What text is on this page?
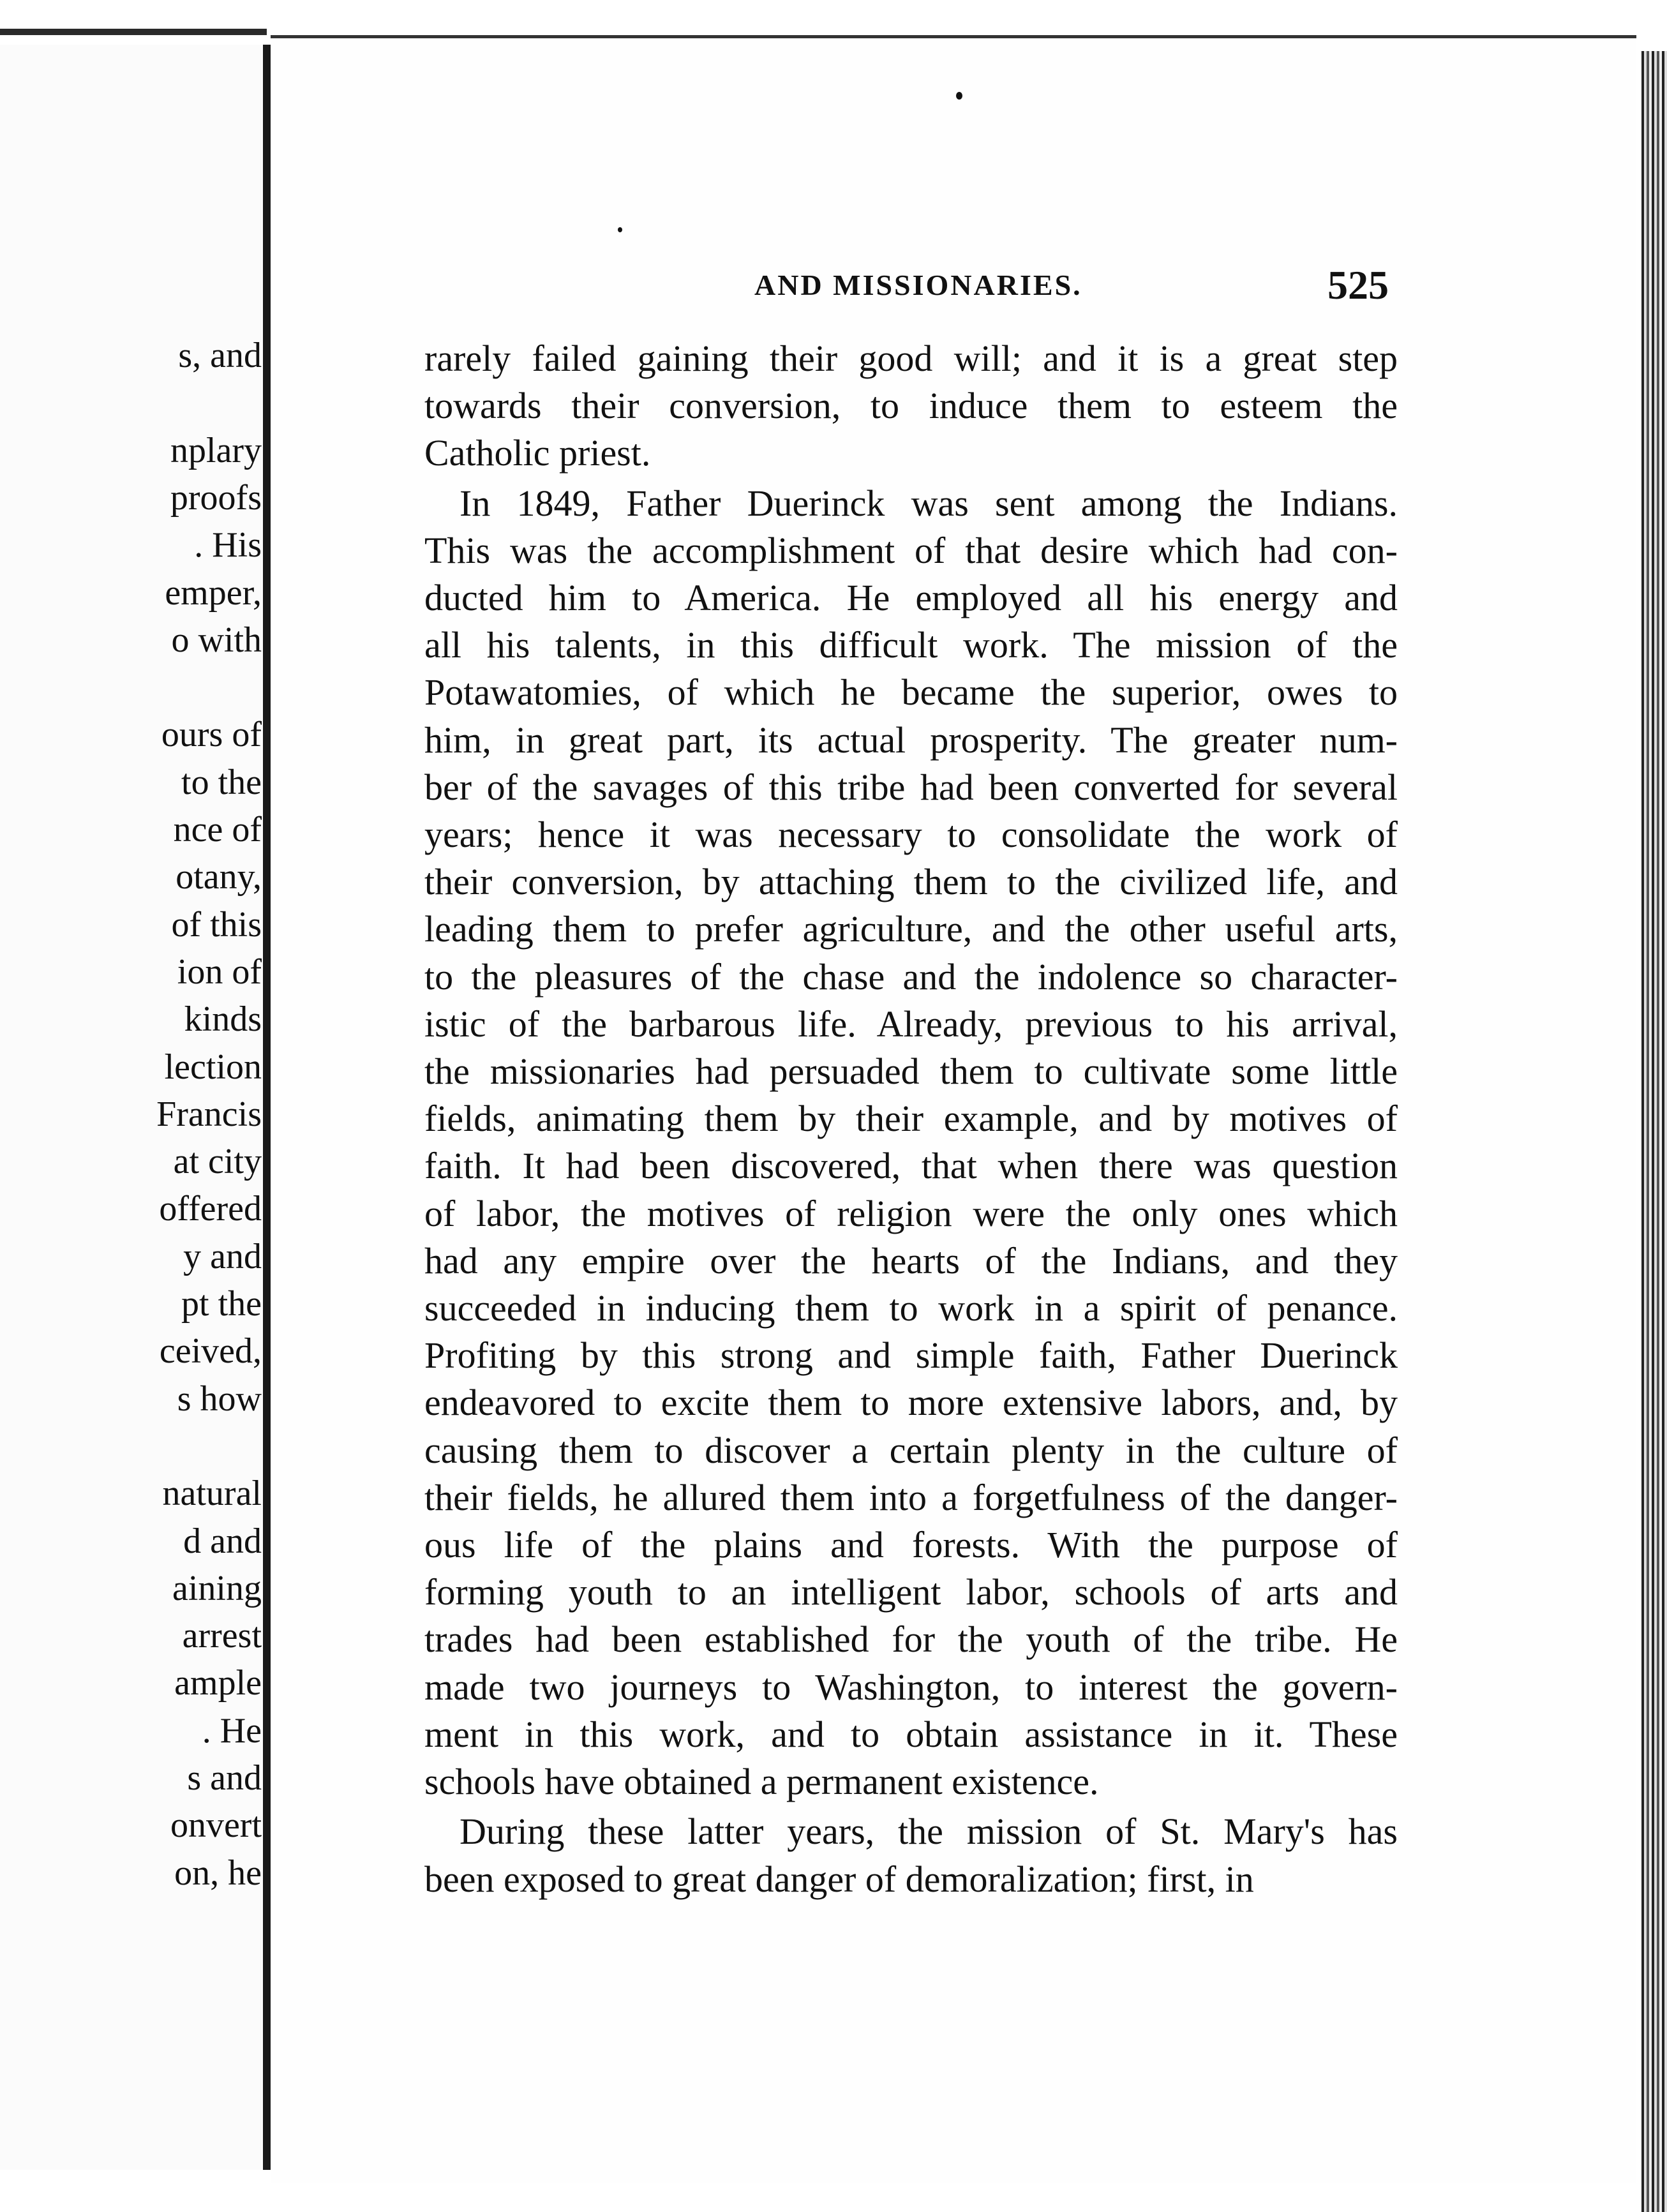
s, and
nplary
proofs
. His
emper,
o with
ours of
to the
nce of
otany,
of this
ion of
kinds
lection
Francis
at city
offered
y and
pt the
ceived,
s how
natural
d and
aining
arrest
ample
. He
s and
onvert
on, he
AND MISSIONARIES.	525

rarely failed gaining their good will; and it is a great step
towards their conversion, to induce them to esteem the
Catholic priest.

In 1849, Father Duerinck was sent among the Indians.
This was the accomplishment of that desire which had con-
ducted him to America. He employed all his energy and
all his talents, in this difficult work. The mission of the
Potawatomies, of which he became the superior, owes to
him, in great part, its actual prosperity. The greater num-
ber of the savages of this tribe had been converted for several
years; hence it was necessary to consolidate the work of
their conversion, by attaching them to the civilized life, and
leading them to prefer agriculture, and the other useful arts,
to the pleasures of the chase and the indolence so character-
istic of the barbarous life. Already, previous to his arrival,
the missionaries had persuaded them to cultivate some little
fields, animating them by their example, and by motives of
faith. It had been discovered, that when there was question
of labor, the motives of religion were the only ones which
had any empire over the hearts of the Indians, and they
succeeded in inducing them to work in a spirit of penance.
Profiting by this strong and simple faith, Father Duerinck
endeavored to excite them to more extensive labors, and, by
causing them to discover a certain plenty in the culture of
their fields, he allured them into a forgetfulness of the danger-
ous life of the plains and forests. With the purpose of
forming youth to an intelligent labor, schools of arts and
trades had been established for the youth of the tribe. He
made two journeys to Washington, to interest the govern-
ment in this work, and to obtain assistance in it. These
schools have obtained a permanent existence.

During these latter years, the mission of St. Mary's has
been exposed to great danger of demoralization; first, in
